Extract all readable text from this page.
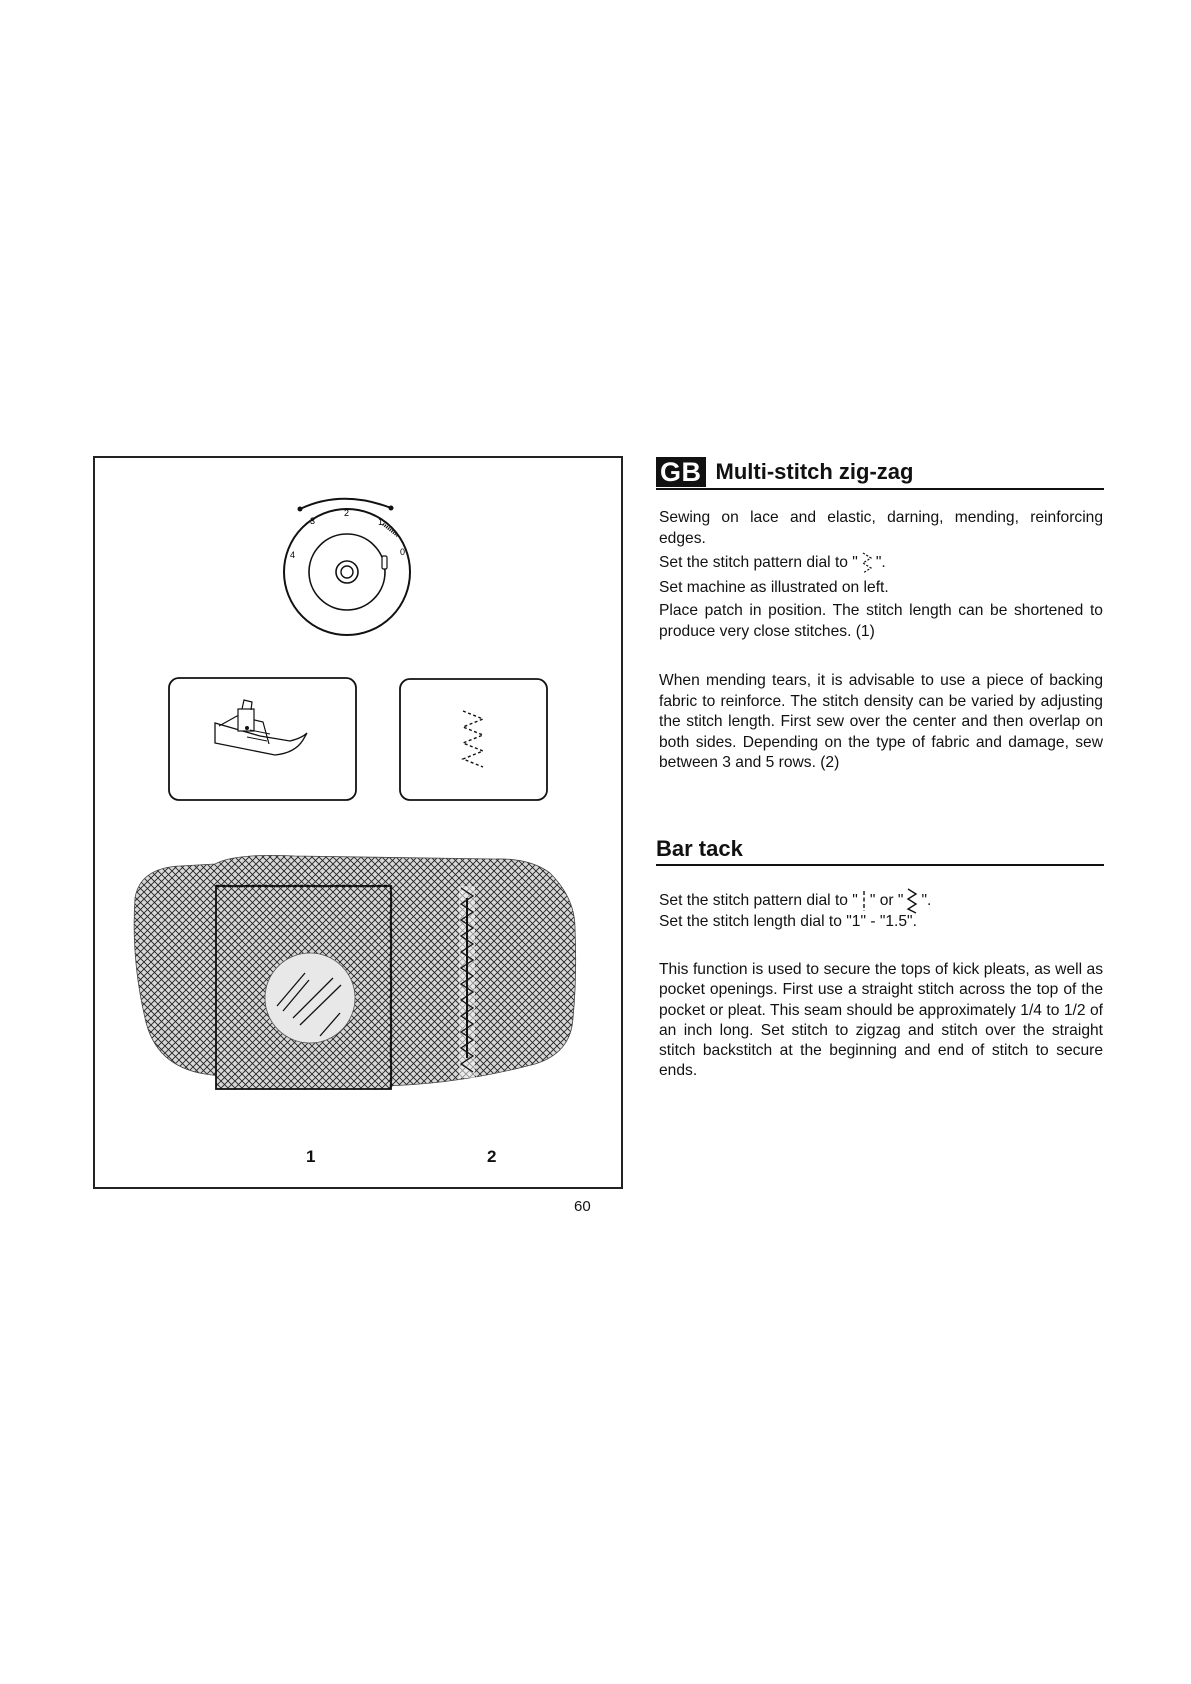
4
3
2
1
0
1	2
60
GB Multi-stitch zig-zag

Sewing on lace and elastic, darning, mending, reinforcing edges.

Set the stitch pattern dial to " ".
Set machine as illustrated on left.

Place patch in position. The stitch length can be shortened to produce very close stitches. (1)

When mending tears, it is advisable to use a piece of backing fabric to reinforce. The stitch density can be varied by adjusting the stitch length. First sew over the center and then overlap on both sides. Depending on the type of fabric and damage, sew between 3 and 5 rows. (2)

Bar tack
Set the stitch pattern dial to " " or " ".
Set the stitch length dial to "1" - "1.5".

This function is used to secure the tops of kick pleats, as well as pocket openings. First use a straight stitch across the top of the pocket or pleat. This seam should be approximately 1/4 to 1/2 of an inch long. Set stitch to zigzag and stitch over the straight stitch backstitch at the beginning and end of stitch to secure ends.
